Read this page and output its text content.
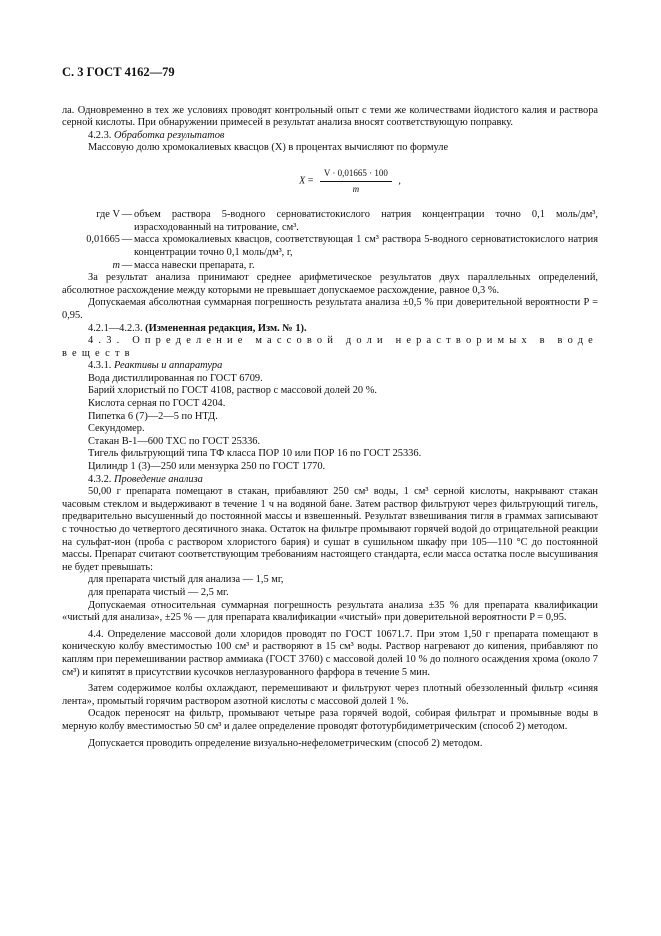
С. 3 ГОСТ 4162—79

ла. Одновременно в тех же условиях проводят контрольный опыт с теми же количествами йодистого калия и раствора серной кислоты. При обнаружении примесей в результат анализа вносят соответствующую поправку.

4.2.3. Обработка результатов

Массовую долю хромокалиевых квасцов (X) в процентах вычисляют по формуле

$X = \frac{V \cdot 0,01665 \cdot 100}{m}$ ,
где V — объем раствора 5-водного серноватистокислого натрия концентрации точно 0,1 моль/дм³, израсходованный на титрование, см³.
0,01665 — масса хромокалиевых квасцов, соответствующая 1 см³ раствора 5-водного серноватистокислого натрия концентрации точно 0,1 моль/дм³, г,
m — масса навески препарата, г.

За результат анализа принимают среднее арифметическое результатов двух параллельных определений, абсолютное расхождение между которыми не превышает допускаемое расхождение, равное 0,3 %.

Допускаемая абсолютная суммарная погрешность результата анализа ±0,5 % при доверительной вероятности P = 0,95.

4.2.1—4.2.3. (Измененная редакция, Изм. № 1).

4.3. Определение массовой доли нерастворимых в воде веществ

4.3.1. Реактивы и аппаратура

Вода дистиллированная по ГОСТ 6709.
Барий хлористый по ГОСТ 4108, раствор с массовой долей 20 %.
Кислота серная по ГОСТ 4204.
Пипетка 6 (7)—2—5 по НТД.
Секундомер.
Стакан В-1—600 ТХС по ГОСТ 25336.
Тигель фильтрующий типа ТФ класса ПОР 10 или ПОР 16 по ГОСТ 25336.
Цилиндр 1 (3)—250 или мензурка 250 по ГОСТ 1770.

4.3.2. Проведение анализа

50,00 г препарата помещают в стакан, прибавляют 250 см³ воды, 1 см³ серной кислоты, накрывают стакан часовым стеклом и выдерживают в течение 1 ч на водяной бане. Затем раствор фильтруют через фильтрующий тигель, предварительно высушенный до постоянной массы и взвешенный. Результат взвешивания тигля в граммах записывают с точностью до четвертого десятичного знака. Остаток на фильтре промывают горячей водой до отрицательной реакции на сульфат-ион (проба с раствором хлористого бария) и сушат в сушильном шкафу при 105—110 °С до постоянной массы. Препарат считают соответствующим требованиям настоящего стандарта, если масса остатка после высушивания не будет превышать:

для препарата чистый для анализа — 1,5 мг,
для препарата чистый — 2,5 мг.

Допускаемая относительная суммарная погрешность результата анализа ±35 % для препарата квалификации «чистый для анализа», ±25 % — для препарата квалификации «чистый» при доверительной вероятности P = 0,95.

4.4. Определение массовой доли хлоридов проводят по ГОСТ 10671.7. При этом 1,50 г препарата помещают в коническую колбу вместимостью 100 см³ и растворяют в 15 см³ воды. Раствор нагревают до кипения, прибавляют по каплям при перемешивании раствор аммиака (ГОСТ 3760) с массовой долей 10 % до полного осаждения хрома (около 7 см³) и кипятят в присутствии кусочков неглазурованного фарфора в течение 5 мин.

Затем содержимое колбы охлаждают, перемешивают и фильтруют через плотный обеззоленный фильтр «синяя лента», промытый горячим раствором азотной кислоты с массовой долей 1 %.

Осадок переносят на фильтр, промывают четыре раза горячей водой, собирая фильтрат и промывные воды в мерную колбу вместимостью 50 см³ и далее определение проводят фототурбидиметрическим (способ 2) методом.

Допускается проводить определение визуально-нефелометрическим (способ 2) методом.
